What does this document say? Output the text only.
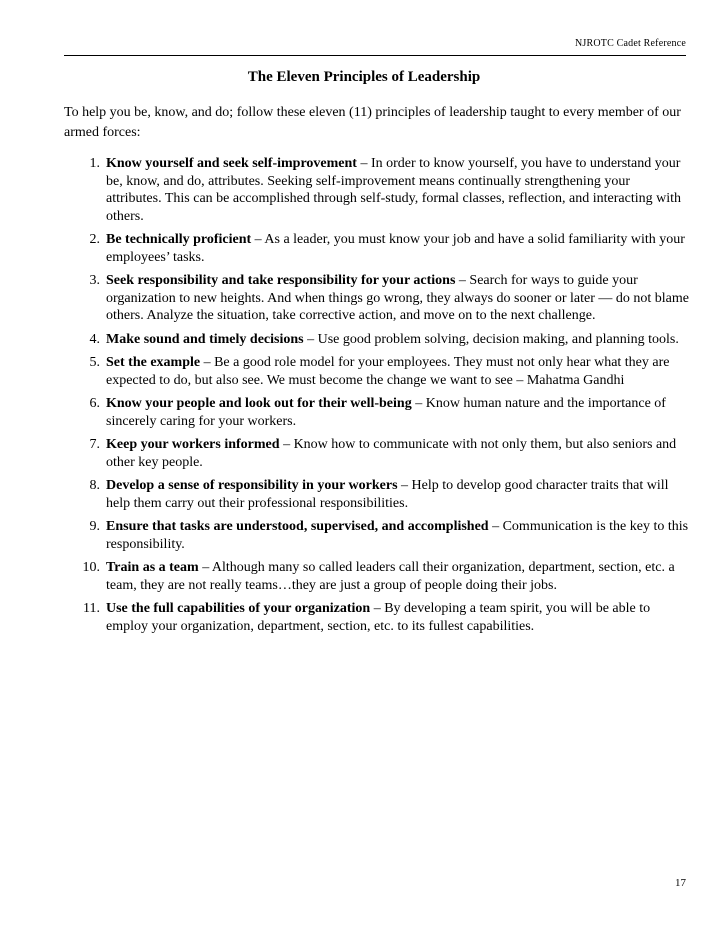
NJROTC Cadet Reference
The Eleven Principles of Leadership

To help you be, know, and do; follow these eleven (11) principles of leadership taught to every member of our armed forces:

1. Know yourself and seek self-improvement – In order to know yourself, you have to understand your be, know, and do, attributes. Seeking self-improvement means continually strengthening your attributes. This can be accomplished through self-study, formal classes, reflection, and interacting with others.
2. Be technically proficient – As a leader, you must know your job and have a solid familiarity with your employees’ tasks.
3. Seek responsibility and take responsibility for your actions – Search for ways to guide your organization to new heights. And when things go wrong, they always do sooner or later — do not blame others. Analyze the situation, take corrective action, and move on to the next challenge.
4. Make sound and timely decisions – Use good problem solving, decision making, and planning tools.
5. Set the example – Be a good role model for your employees. They must not only hear what they are expected to do, but also see. We must become the change we want to see – Mahatma Gandhi
6. Know your people and look out for their well-being – Know human nature and the importance of sincerely caring for your workers.
7. Keep your workers informed – Know how to communicate with not only them, but also seniors and other key people.
8. Develop a sense of responsibility in your workers – Help to develop good character traits that will help them carry out their professional responsibilities.
9. Ensure that tasks are understood, supervised, and accomplished – Communication is the key to this responsibility.
10. Train as a team – Although many so called leaders call their organization, department, section, etc. a team, they are not really teams…they are just a group of people doing their jobs.
11. Use the full capabilities of your organization – By developing a team spirit, you will be able to employ your organization, department, section, etc. to its fullest capabilities.
17
